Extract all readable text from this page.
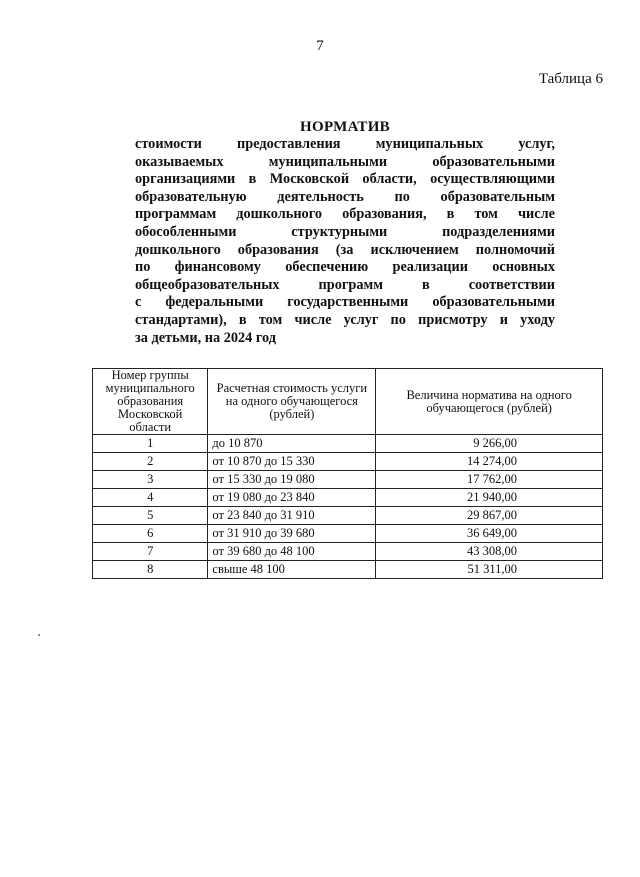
7
Таблица 6
НОРМАТИВ
стоимости предоставления муниципальных услуг,
оказываемых муниципальными образовательными
организациями в Московской области, осуществляющими
образовательную деятельность по образовательным
программам дошкольного образования, в том числе
обособленными структурными подразделениями
дошкольного образования (за исключением полномочий
по финансовому обеспечению реализации основных
общеобразовательных программ в соответствии
с федеральными государственными образовательными
стандартами), в том числе услуг по присмотру и уходу
за детьми, на 2024 год
Номер группы муниципального образования Московской области	Расчетная стоимость услуги на одного обучающегося (рублей)	Величина норматива на одного обучающегося (рублей)
1	до 10 870	9 266,00
2	от 10 870 до 15 330	14 274,00
3	от 15 330 до 19 080	17 762,00
4	от 19 080 до 23 840	21 940,00
5	от 23 840 до 31 910	29 867,00
6	от 31 910 до 39 680	36 649,00
7	от 39 680 до 48 100	43 308,00
8	свыше 48 100	51 311,00
